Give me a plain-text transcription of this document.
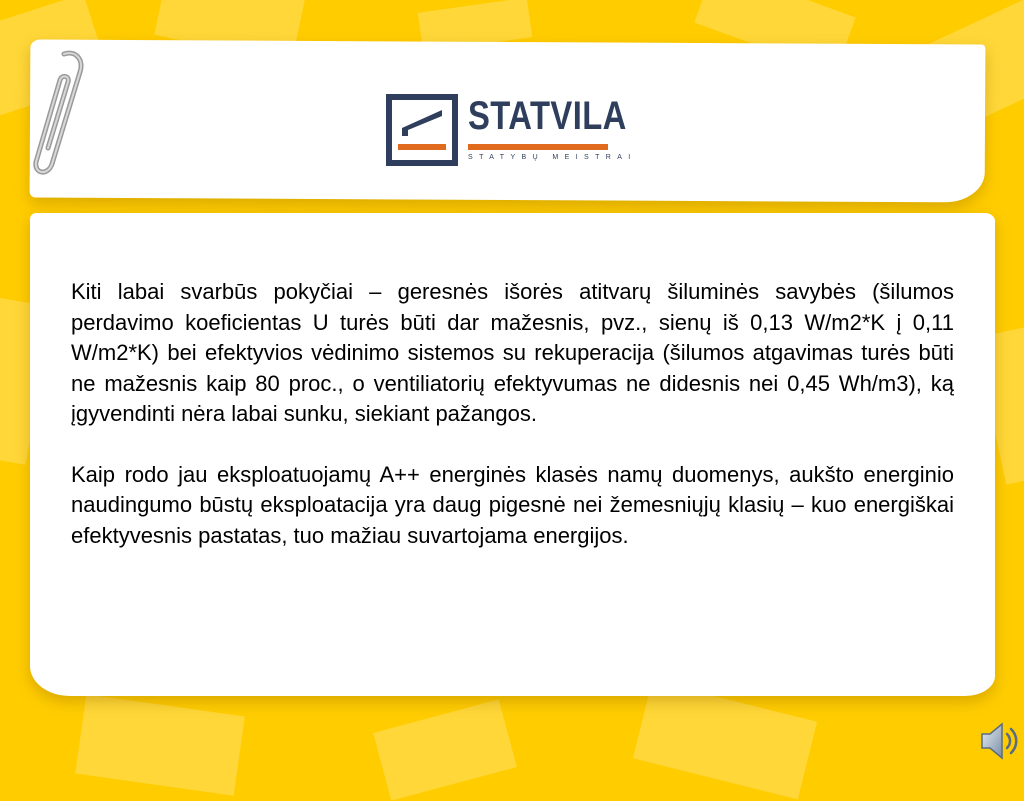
STATVILA
STATYBŲ MEISTRAI

Kiti labai svarbūs pokyčiai – geresnės išorės atitvarų šiluminės savybės (šilumos perdavimo koeficientas U turės būti dar mažesnis, pvz., sienų iš 0,13 W/m2*K į 0,11 W/m2*K) bei efektyvios vėdinimo sistemos su rekuperacija (šilumos atgavimas turės būti ne mažesnis kaip 80 proc., o ventiliatorių efektyvumas ne didesnis nei 0,45 Wh/m3), ką įgyvendinti nėra labai sunku, siekiant pažangos.

Kaip rodo jau eksploatuojamų A++ energinės klasės namų duomenys, aukšto energinio naudingumo būstų eksploatacija yra daug pigesnė nei žemesniųjų klasių – kuo energiškai efektyvesnis pastatas, tuo mažiau suvartojama energijos.
